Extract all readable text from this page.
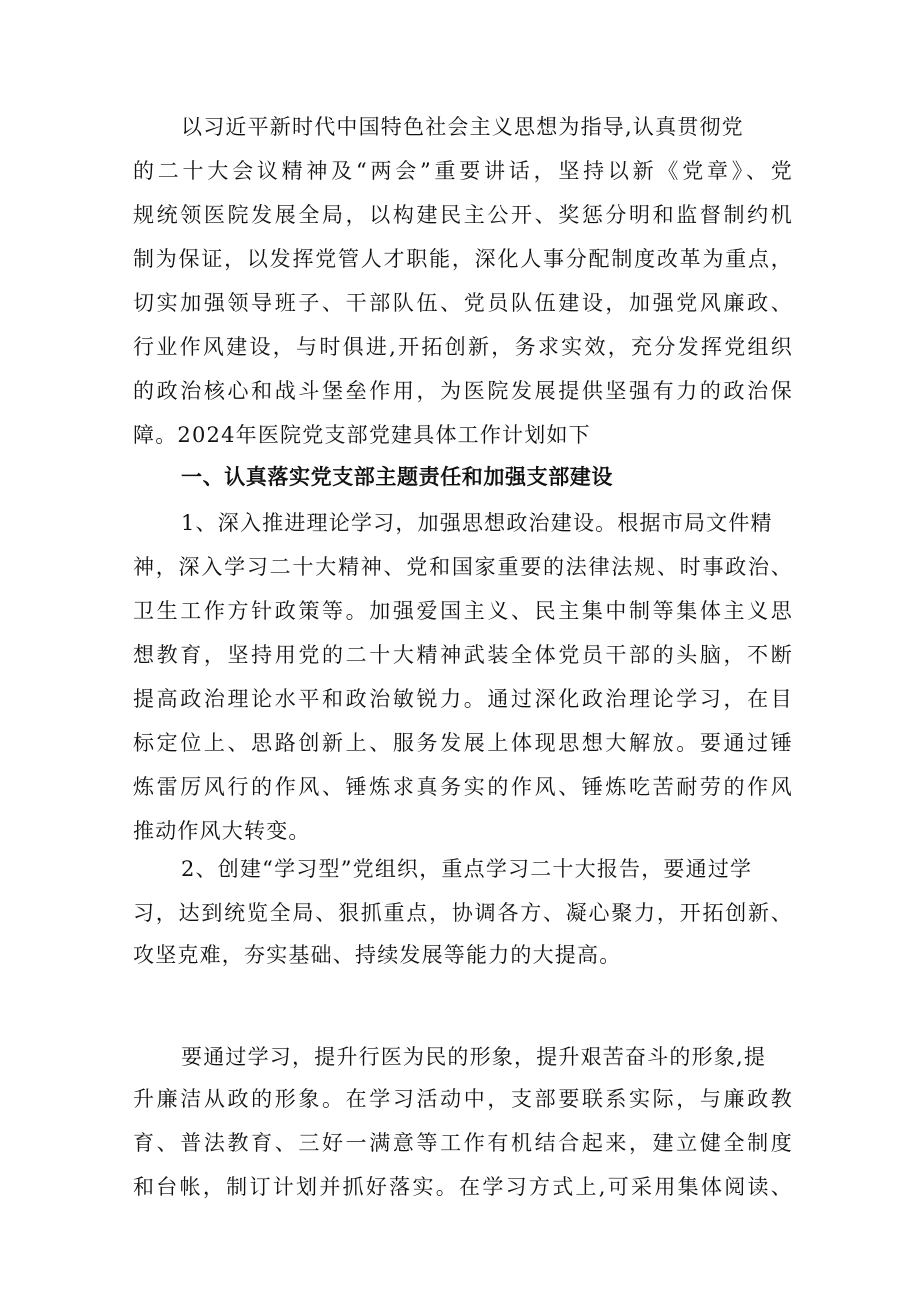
以习近平新时代中国特色社会主义思想为指导,认真贯彻党
的二十大会议精神及“两会”重要讲话，坚持以新《党章》、党
规统领医院发展全局，以构建民主公开、奖惩分明和监督制约机
制为保证，以发挥党管人才职能，深化人事分配制度改革为重点，
切实加强领导班子、干部队伍、党员队伍建设，加强党风廉政、
行业作风建设，与时俱进,开拓创新，务求实效，充分发挥党组织
的政治核心和战斗堡垒作用，为医院发展提供坚强有力的政治保
障。2024年医院党支部党建具体工作计划如下
一、认真落实党支部主题责任和加强支部建设
1、深入推进理论学习，加强思想政治建设。根据市局文件精
神，深入学习二十大精神、党和国家重要的法律法规、时事政治、
卫生工作方针政策等。加强爱国主义、民主集中制等集体主义思
想教育，坚持用党的二十大精神武装全体党员干部的头脑，不断
提高政治理论水平和政治敏锐力。通过深化政治理论学习，在目
标定位上、思路创新上、服务发展上体现思想大解放。要通过锤
炼雷厉风行的作风、锤炼求真务实的作风、锤炼吃苦耐劳的作风
推动作风大转变。
2、创建“学习型”党组织，重点学习二十大报告，要通过学
习，达到统览全局、狠抓重点，协调各方、凝心聚力，开拓创新、
攻坚克难，夯实基础、持续发展等能力的大提高。
要通过学习，提升行医为民的形象，提升艰苦奋斗的形象,提
升廉洁从政的形象。在学习活动中，支部要联系实际，与廉政教
育、普法教育、三好一满意等工作有机结合起来，建立健全制度
和台帐，制订计划并抓好落实。在学习方式上,可采用集体阅读、
